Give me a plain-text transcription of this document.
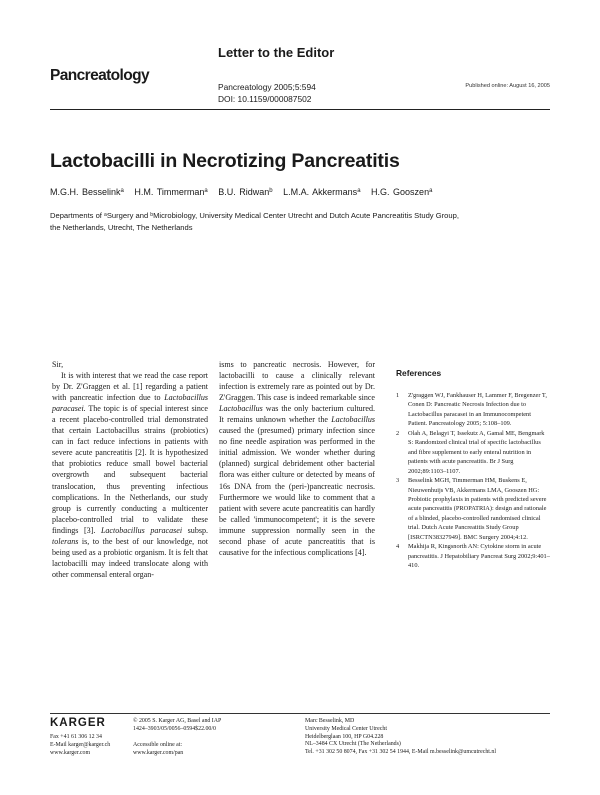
Letter to the Editor
Pancreatology
Pancreatology 2005;5:594
DOI: 10.1159/000087502
Published online: August 16, 2005
Lactobacilli in Necrotizing Pancreatitis
M.G.H. Besselink$^a$ H.M. Timmerman$^a$ B.U. Ridwan$^b$ L.M.A. Akkermans$^a$ H.G. Gooszen$^a$
Departments of $^a$Surgery and $^b$Microbiology, University Medical Center Utrecht and Dutch Acute Pancreatitis Study Group, the Netherlands, Utrecht, The Netherlands

Sir,

It is with interest that we read the case report by Dr. Z'Graggen et al. [1] regarding a patient with pancreatic infection due to Lactobacillus paracasei. The topic is of special interest since a recent placebo-controlled trial demonstrated that certain Lactobacillus strains (probiotics) can in fact reduce infections in patients with severe acute pancreatitis [2]. It is hypothesized that probiotics reduce small bowel bacterial overgrowth and subsequent bacterial translocation, thus preventing infectious complications. In the Netherlands, our study group is currently conducting a multicenter placebo-controlled trial to validate these findings [3]. Lactobacillus paracasei subsp. tolerans is, to the best of our knowledge, not being used as a probiotic organism. It is felt that lactobacilli may indeed translocate along with other commensal enteral organ-

isms to pancreatic necrosis. However, for lactobacilli to cause a clinically relevant infection is extremely rare as pointed out by Dr. Z'Graggen. This case is indeed remarkable since Lactobacillus was the only bacterium cultured. It remains unknown whether the Lactobacillus caused the (presumed) primary infection since no fine needle aspiration was performed in the initial admission. We wonder whether during (planned) surgical debridement other bacterial flora was either culture or detected by means of 16s DNA from the (peri-)pancreatic necrosis. Furthermore we would like to comment that a patient with severe acute pancreatitis can hardly be called 'immunocompetent'; it is the severe immune suppression normally seen in the second phase of acute pancreatitis that is causative for the infectious complications [4].

References
1 Z'graggen WJ, Fankhauser H, Lammer F, Bregenzer T, Conen D: Pancreatic Necrosis Infection due to Lactobacillus paracasei in an Immunocompetent Patient. Pancreatology 2005; 5:108–109.
2 Olah A, Belagyi T, Issekutz A, Gamal ME, Bengmark S: Randomized clinical trial of specific lactobacillus and fibre supplement to early enteral nutrition in patients with acute pancreatitis. Br J Surg 2002;89:1103–1107.
3 Besselink MGH, Timmerman HM, Buskens E, Nieuwenhuijs VB, Akkermans LMA, Gooszen HG: Probiotic prophylaxis in patients with predicted severe acute pancreatitis (PROPATRIA): design and rationale of a blinded, placebo-controlled randomised clinical trial. Dutch Acute Pancreatitis Study Group [ISRCTN38327949]. BMC Surgery 2004;4:12.
4 Makhija R, Kingsnorth AN: Cytokine storm in acute pancreatitis. J Hepatobiliary Pancreat Surg 2002;9:401–410.
KARGER
Fax +41 61 306 12 34
E-Mail karger@karger.ch
www.karger.com
© 2005 S. Karger AG, Basel and IAP
1424–3903/05/0056–0594$22.00/0
Accessible online at:
www.karger.com/pan
Marc Besselink, MD
University Medical Center Utrecht
Heidelberglaan 100, HP G04.228
NL–3484 CX Utrecht (The Netherlands)
Tel. +31 302 50 8074, Fax +31 302 54 1944, E-Mail m.besselink@umcutrecht.nl
